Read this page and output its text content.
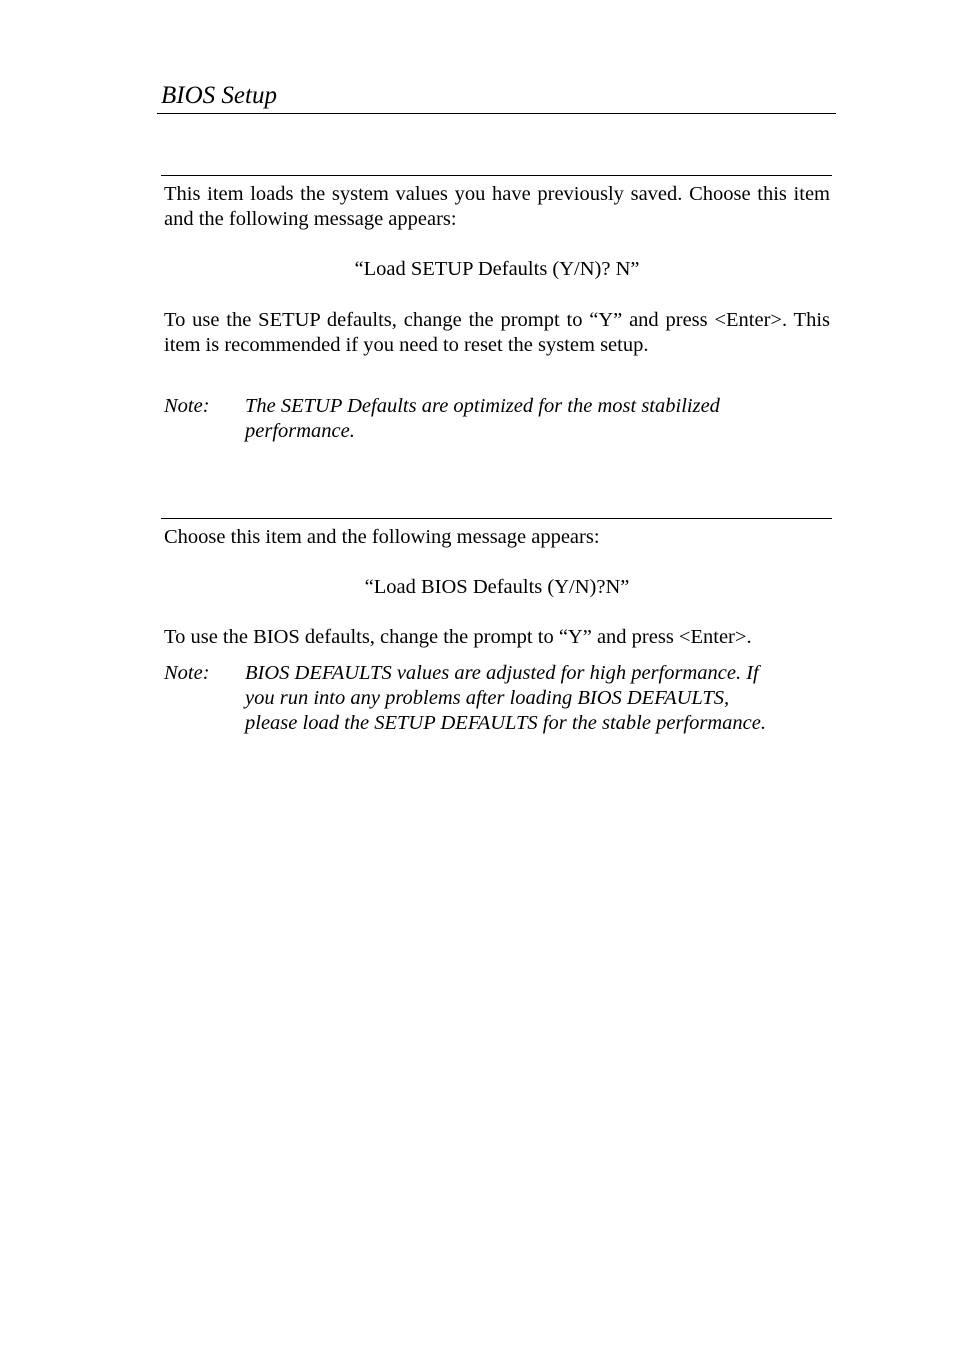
BIOS Setup
This item loads the system values you have previously saved. Choose this item and the following message appears:
“Load SETUP Defaults (Y/N)? N”
To use the SETUP defaults, change the prompt to “Y” and press <Enter>. This item is recommended if you need to reset the system setup.
Note: The SETUP Defaults are optimized for the most stabilized
performance.
Choose this item and the following message appears:
“Load BIOS Defaults (Y/N)?N”
To use the BIOS defaults, change the prompt to “Y” and press <Enter>.
Note: BIOS DEFAULTS values are adjusted for high performance. If
you run into any problems after loading BIOS DEFAULTS,
please load the SETUP DEFAULTS for the stable performance.
